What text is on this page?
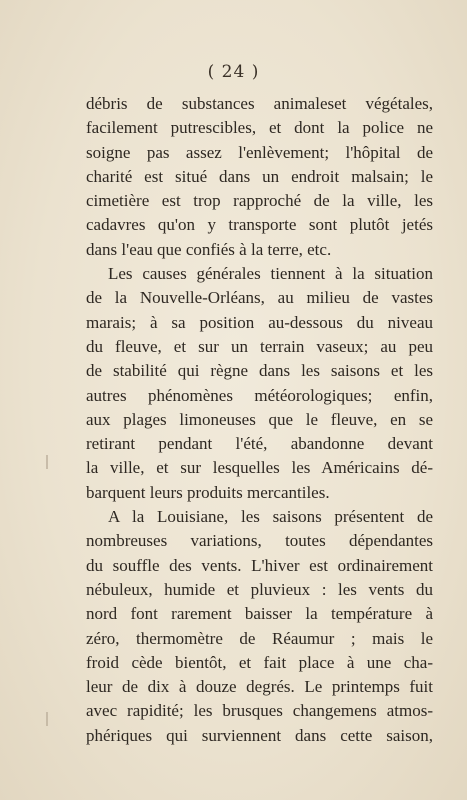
( 24 )
débris de substances animaleset végétales,
facilement putrescibles, et dont la police ne
soigne pas assez l'enlèvement; l'hôpital de
charité est situé dans un endroit malsain; le
cimetière est trop rapproché de la ville, les
cadavres qu'on y transporte sont plutôt jetés
dans l'eau que confiés à la terre, etc.
Les causes générales tiennent à la situation
de la Nouvelle-Orléans, au milieu de vastes
marais; à sa position au-dessous du niveau
du fleuve, et sur un terrain vaseux; au peu
de stabilité qui règne dans les saisons et les
autres phénomènes météorologiques; enfin,
aux plages limoneuses que le fleuve, en se
retirant pendant l'été, abandonne devant
la ville, et sur lesquelles les Américains dé-
barquent leurs produits mercantiles.
A la Louisiane, les saisons présentent de
nombreuses variations, toutes dépendantes
du souffle des vents. L'hiver est ordinairement
nébuleux, humide et pluvieux : les vents du
nord font rarement baisser la température à
zéro, thermomètre de Réaumur ; mais le
froid cède bientôt, et fait place à une cha-
leur de dix à douze degrés. Le printemps fuit
avec rapidité; les brusques changemens atmos-
phériques qui surviennent dans cette saison,
